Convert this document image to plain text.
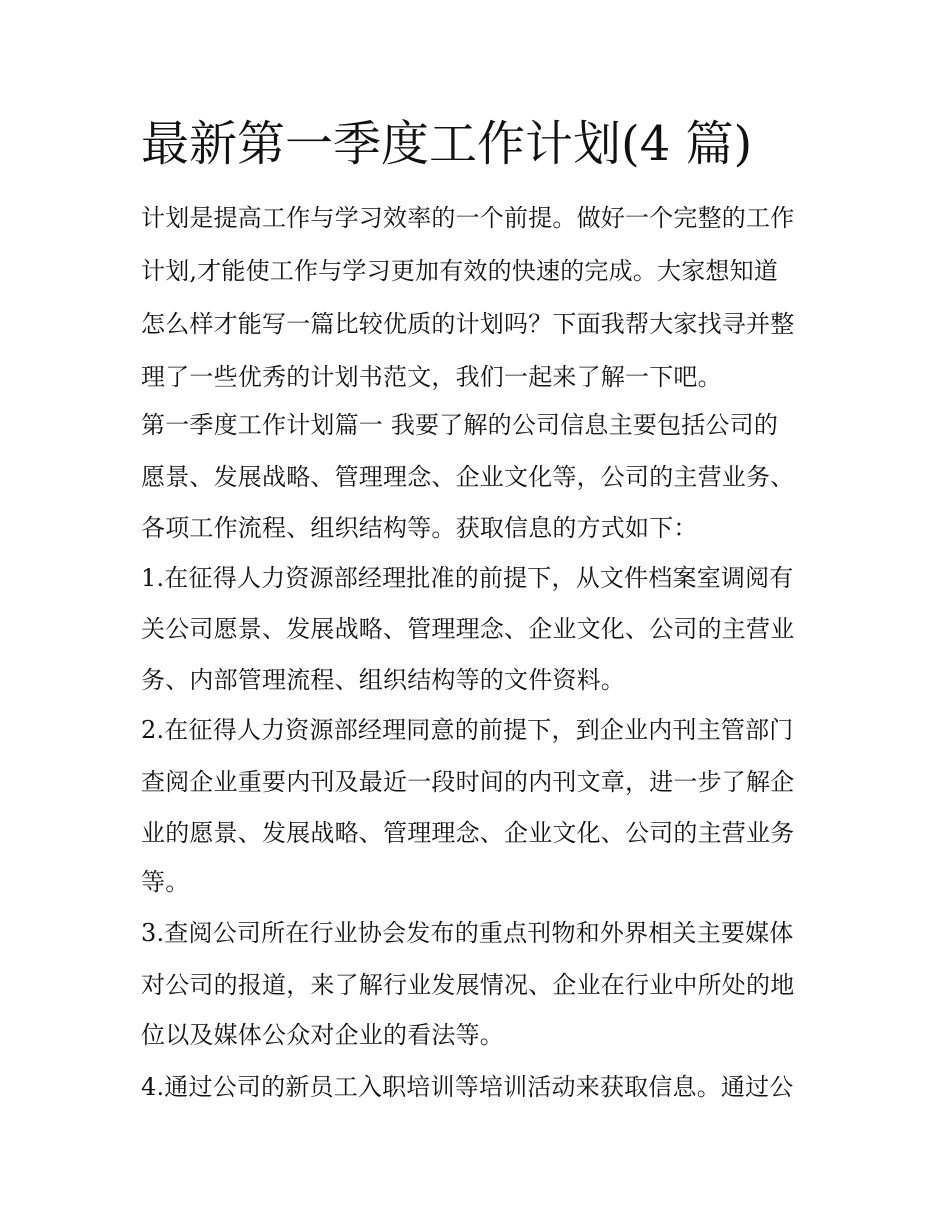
最新第一季度工作计划(4 篇)

计划是提高工作与学习效率的一个前提。做好一个完整的工作

计划,才能使工作与学习更加有效的快速的完成。大家想知道

怎么样才能写一篇比较优质的计划吗？下面我帮大家找寻并整

理了一些优秀的计划书范文，我们一起来了解一下吧。

第一季度工作计划篇一 我要了解的公司信息主要包括公司的

愿景、发展战略、管理理念、企业文化等，公司的主营业务、

各项工作流程、组织结构等。获取信息的方式如下：

1.在征得人力资源部经理批准的前提下，从文件档案室调阅有

关公司愿景、发展战略、管理理念、企业文化、公司的主营业

务、内部管理流程、组织结构等的文件资料。

2.在征得人力资源部经理同意的前提下，到企业内刊主管部门

查阅企业重要内刊及最近一段时间的内刊文章，进一步了解企

业的愿景、发展战略、管理理念、企业文化、公司的主营业务

等。

3.查阅公司所在行业协会发布的重点刊物和外界相关主要媒体

对公司的报道，来了解行业发展情况、企业在行业中所处的地

位以及媒体公众对企业的看法等。

4.通过公司的新员工入职培训等培训活动来获取信息。通过公
